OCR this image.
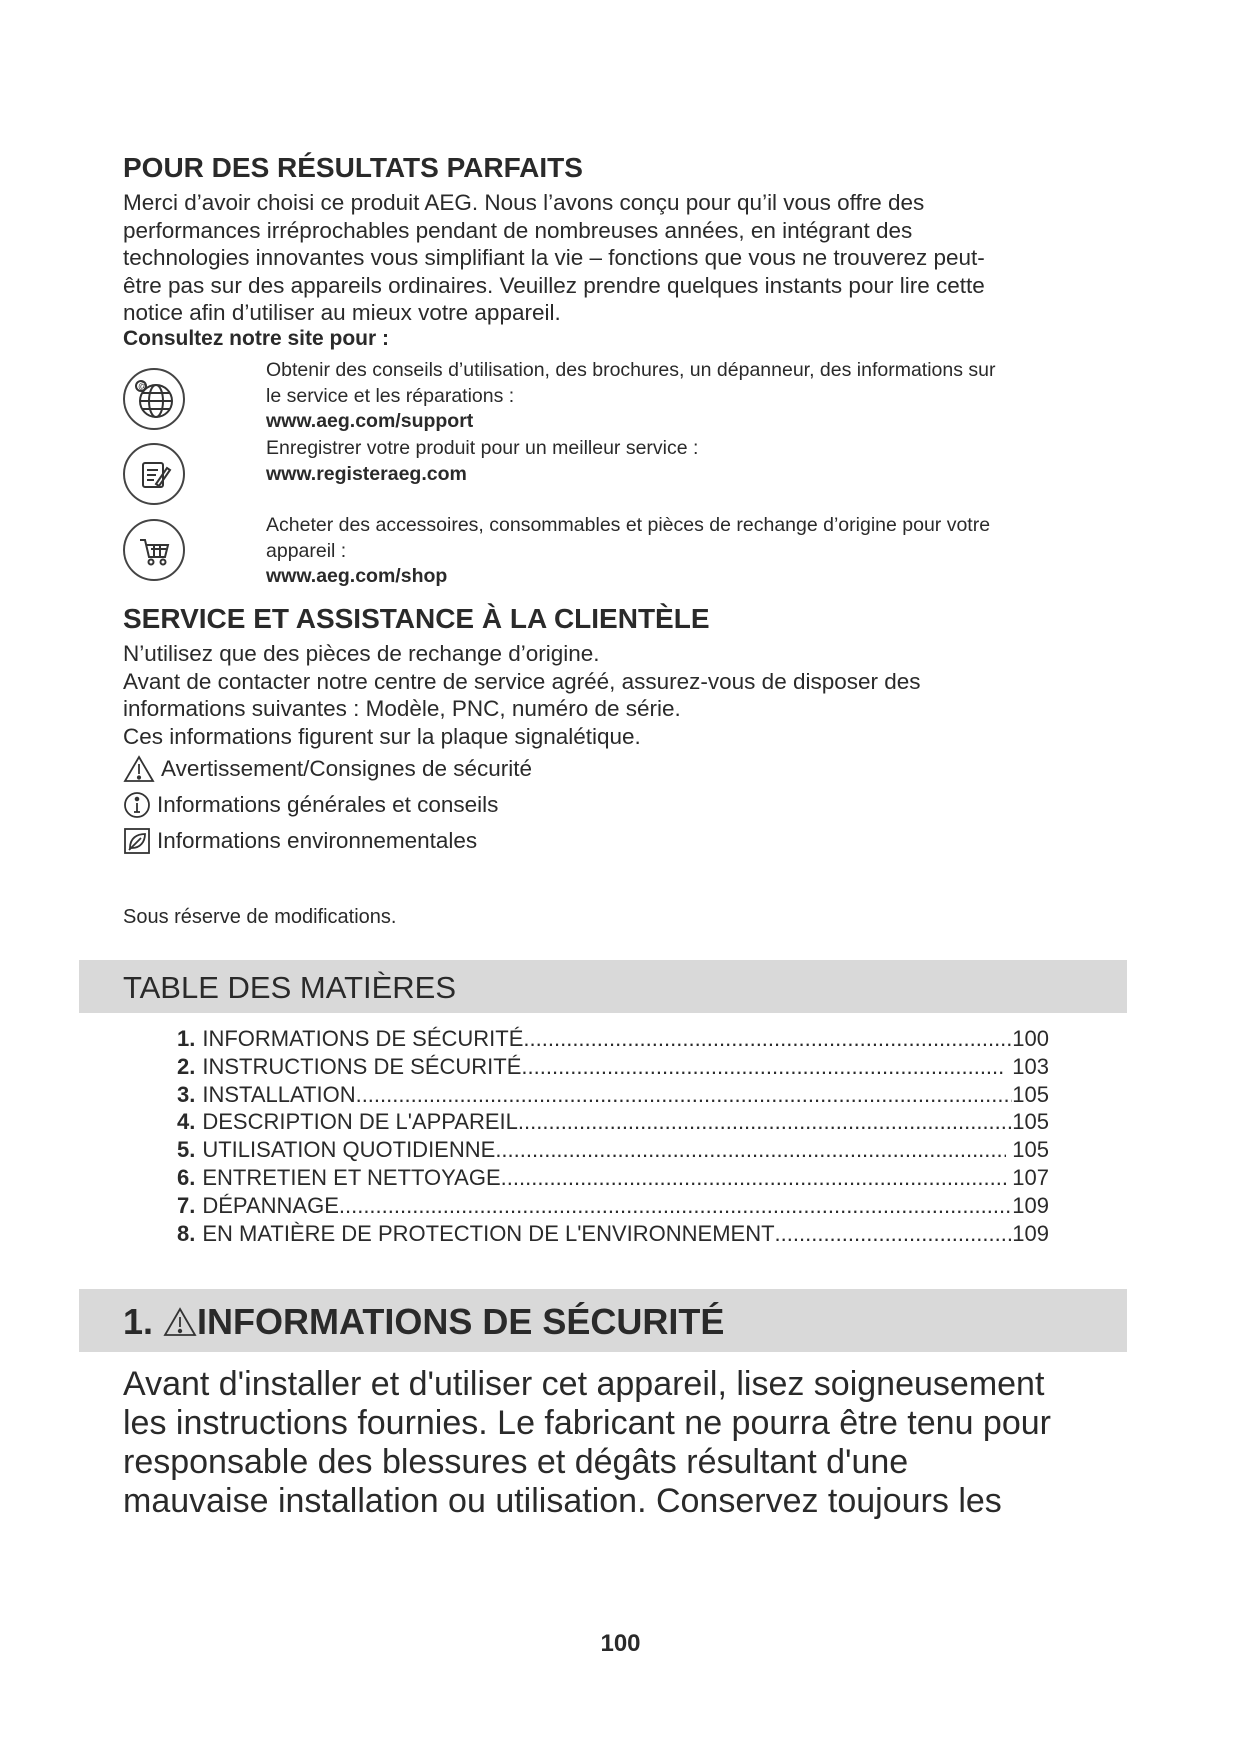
POUR DES RÉSULTATS PARFAITS

Merci d’avoir choisi ce produit AEG. Nous l’avons conçu pour qu’il vous offre des

performances irréprochables pendant de nombreuses années, en intégrant des

technologies innovantes vous simplifiant la vie – fonctions que vous ne trouverez peut-

être pas sur des appareils ordinaires. Veuillez prendre quelques instants pour lire cette

notice afin d’utiliser au mieux votre appareil.

Consultez notre site pour :

@

Obtenir des conseils d’utilisation, des brochures, un dépanneur, des informations sur

le service et les réparations :

www.aeg.com/support

Enregistrer votre produit pour un meilleur service :

www.registeraeg.com

Acheter des accessoires, consommables et pièces de rechange d’origine pour votre

appareil :

www.aeg.com/shop

SERVICE ET ASSISTANCE À LA CLIENTÈLE

N’utilisez que des pièces de rechange d’origine.

Avant de contacter notre centre de service agréé, assurez-vous de disposer des

informations suivantes : Modèle, PNC, numéro de série.

Ces informations figurent sur la plaque signalétique.

Avertissement/Consignes de sécurité
Informations générales et conseils
Informations environnementales

Sous réserve de modifications.

TABLE DES MATIÈRES
1. INFORMATIONS DE SÉCURITÉ .....	100
2. INSTRUCTIONS DE SÉCURITÉ .....	103
3. INSTALLATION .....	105
4. DESCRIPTION DE L'APPAREIL .....	105
5. UTILISATION QUOTIDIENNE .....	105
6. ENTRETIEN ET NETTOYAGE .....	107
7. DÉPANNAGE .....	109
8. EN MATIÈRE DE PROTECTION DE L'ENVIRONNEMENT .....	109
1. INFORMATIONS DE SÉCURITÉ

Avant d'installer et d'utiliser cet appareil, lisez soigneusement

les instructions fournies. Le fabricant ne pourra être tenu pour

responsable des blessures et dégâts résultant d'une

mauvaise installation ou utilisation. Conservez toujours les

100
